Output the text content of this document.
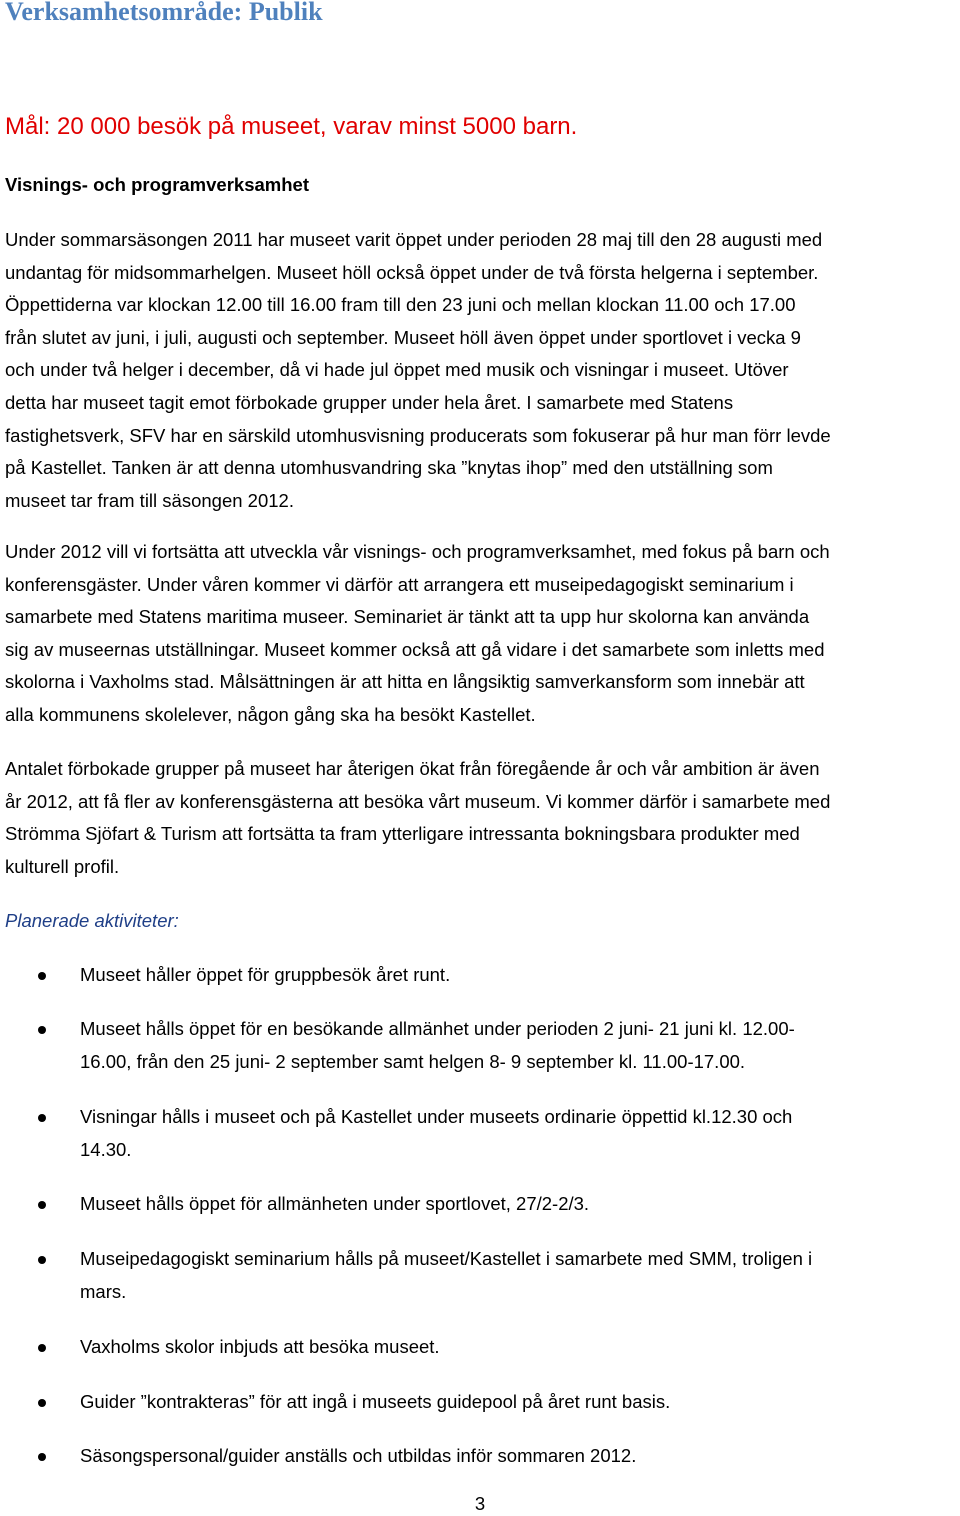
Verksamhetsområde: Publik

Mål: 20 000 besök på museet, varav minst 5000 barn.

Visnings- och programverksamhet

Under sommarsäsongen 2011 har museet varit öppet under perioden 28 maj till den 28 augusti med
undantag för midsommarhelgen. Museet höll också öppet under de två första helgerna i september.
Öppettiderna var klockan 12.00 till 16.00 fram till den 23 juni och mellan klockan 11.00 och 17.00
från slutet av juni, i juli, augusti och september. Museet höll även öppet under sportlovet i vecka 9
och under två helger i december, då vi hade jul öppet med musik och visningar i museet. Utöver
detta har museet tagit emot förbokade grupper under hela året. I samarbete med Statens
fastighetsverk, SFV har en särskild utomhusvisning producerats som fokuserar på hur man förr levde
på Kastellet. Tanken är att denna utomhusvandring ska ”knytas ihop” med den utställning som
museet tar fram till säsongen 2012.
Under 2012 vill vi fortsätta att utveckla vår visnings- och programverksamhet, med fokus på barn och
konferensgäster. Under våren kommer vi därför att arrangera ett museipedagogiskt seminarium i
samarbete med Statens maritima museer. Seminariet är tänkt att ta upp hur skolorna kan använda
sig av museernas utställningar. Museet kommer också att gå vidare i det samarbete som inletts med
skolorna i Vaxholms stad. Målsättningen är att hitta en långsiktig samverkansform som innebär att
alla kommunens skolelever, någon gång ska ha besökt Kastellet.
Antalet förbokade grupper på museet har återigen ökat från föregående år och vår ambition är även
år 2012, att få fler av konferensgästerna att besöka vårt museum. Vi kommer därför i samarbete med
Strömma Sjöfart & Turism att fortsätta ta fram ytterligare intressanta bokningsbara produkter med
kulturell profil.

Planerade aktiviteter:

Museet håller öppet för gruppbesök året runt.

Museet hålls öppet för en besökande allmänhet under perioden 2 juni- 21 juni kl. 12.00-
16.00, från den 25 juni- 2 september samt helgen 8- 9 september kl. 11.00-17.00.

Visningar hålls i museet och på Kastellet under museets ordinarie öppettid kl.12.30 och
14.30.

Museet hålls öppet för allmänheten under sportlovet, 27/2-2/3.

Museipedagogiskt seminarium hålls på museet/Kastellet i samarbete med SMM, troligen i
mars.

Vaxholms skolor inbjuds att besöka museet.

Guider ”kontrakteras” för att ingå i museets guidepool på året runt basis.

Säsongspersonal/guider anställs och utbildas inför sommaren 2012.

3
